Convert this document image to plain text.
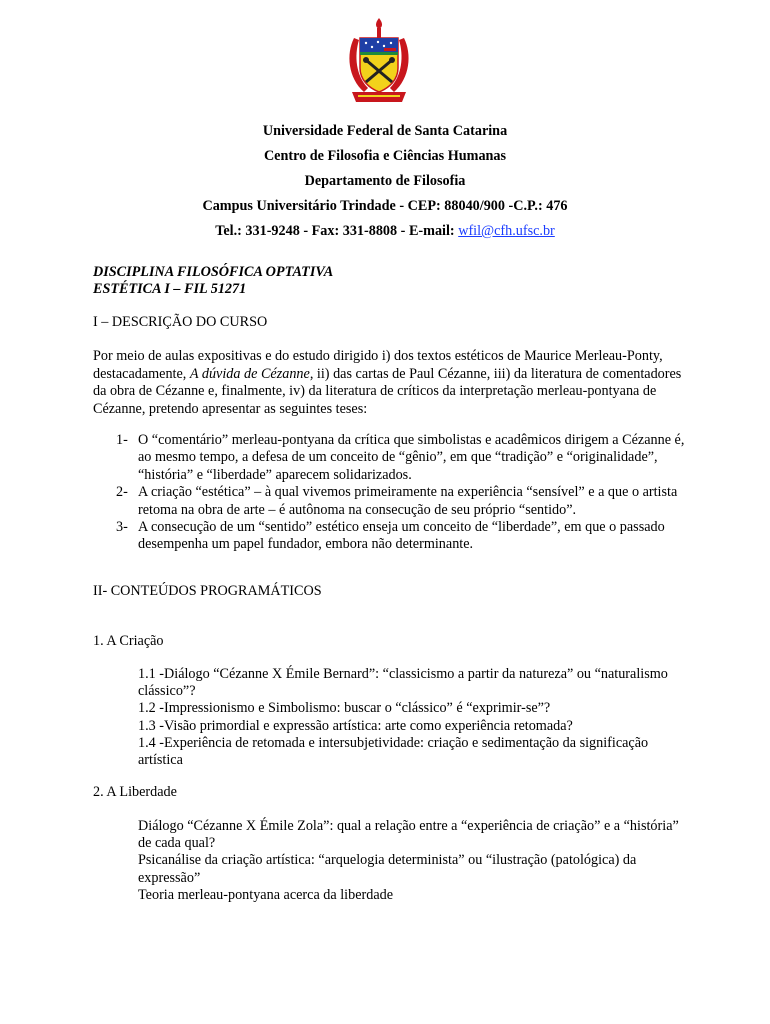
Universidade Federal de Santa Catarina
Centro de Filosofia e Ciências Humanas
Departamento de Filosofia
Campus Universitário Trindade - CEP: 88040/900 -C.P.: 476
Tel.: 331-9248 - Fax: 331-8808 - E-mail: wfil@cfh.ufsc.br
DISCIPLINA FILOSÓFICA OPTATIVA
ESTÉTICA I – FIL 51271
I – DESCRIÇÃO DO CURSO
Por meio de aulas expositivas e do estudo dirigido i) dos textos estéticos de Maurice Merleau-Ponty, destacadamente, A dúvida de Cézanne, ii) das cartas de Paul Cézanne, iii) da literatura de comentadores da obra de Cézanne e, finalmente, iv) da literatura de críticos da interpretação merleau-pontyana de Cézanne, pretendo apresentar as seguintes teses:
1- O “comentário” merleau-pontyana da crítica que simbolistas e acadêmicos dirigem a Cézanne é, ao mesmo tempo, a defesa de um conceito de “gênio”, em que “tradição” e “originalidade”, “história” e “liberdade” aparecem solidarizados.
2- A criação “estética” – à qual vivemos primeiramente na experiência “sensível” e a que o artista retoma na obra de arte – é autônoma na consecução de seu próprio “sentido”.
3- A consecução de um “sentido” estético enseja um conceito de “liberdade”, em que o passado desempenha um papel fundador, embora não determinante.
II- CONTEÚDOS PROGRAMÁTICOS
1. A Criação
1.1 -Diálogo “Cézanne X Émile Bernard”: “classicismo a partir da natureza” ou “naturalismo clássico”?
1.2 -Impressionismo e Simbolismo: buscar o “clássico” é “exprimir-se”?
1.3 -Visão primordial e expressão artística: arte como experiência retomada?
1.4 -Experiência de retomada e intersubjetividade: criação e sedimentação da significação artística
2. A Liberdade
Diálogo “Cézanne X Émile Zola”: qual a relação entre a “experiência de criação” e a “história” de cada qual?
Psicanálise da criação artística: “arquelogia determinista” ou “ilustração (patológica) da expressão”
Teoria merleau-pontyana acerca da liberdade
